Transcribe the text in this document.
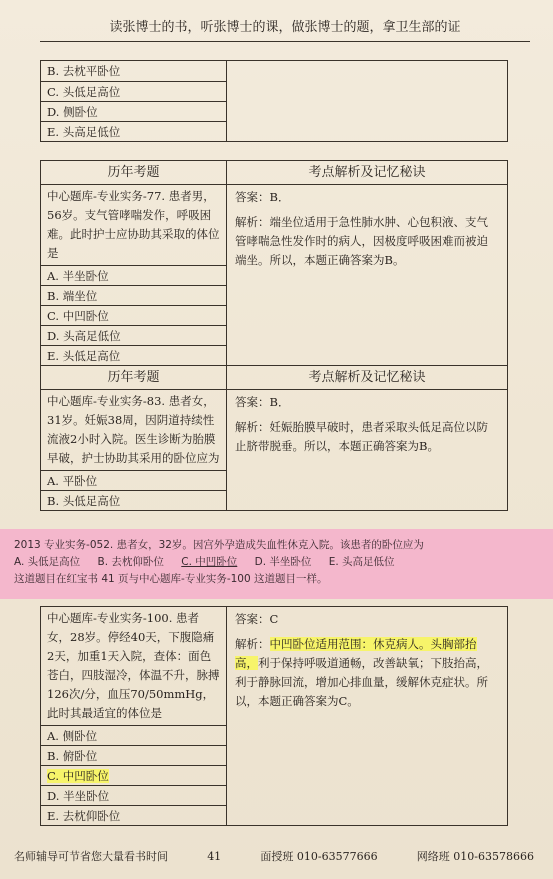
读张博士的书，听张博士的课，做张博士的题，拿卫生部的证
B. 去枕平卧位
C. 头低足高位
D. 侧卧位
E. 头高足低位
历年考题	考点解析及记忆秘诀
中心题库-专业实务-77. 患者男，56岁。支气管哮喘发作，呼吸困难。此时护士应协助其采取的体位是
A. 半坐卧位
B. 端坐位
C. 中凹卧位
D. 头高足低位
E. 头低足高位
答案：B．
解析：端坐位适用于急性肺水肿、心包积液、支气管哮喘急性发作时的病人，因极度呼吸困难而被迫端坐。所以，本题正确答案为B。
历年考题	考点解析及记忆秘诀
中心题库-专业实务-83. 患者女，31岁。妊娠38周，因阴道持续性流液2小时入院。医生诊断为胎膜早破，护士协助其采用的卧位应为
A. 平卧位
B. 头低足高位
答案：B．
解析：妊娠胎膜早破时，患者采取头低足高位以防止脐带脱垂。所以，本题正确答案为B。
2013 专业实务-052. 患者女，32岁。因宫外孕造成失血性休克入院。该患者的卧位应为
A. 头低足高位 B. 去枕仰卧位 C. 中凹卧位 D. 半坐卧位 E. 头高足低位
这道题目在红宝书 41 页与中心题库-专业实务-100 这道题目一样。
中心题库-专业实务-100. 患者女，28岁。停经40天，下腹隐痛2天，加重1天入院，查体：面色苍白，四肢湿冷，体温不升，脉搏126次/分，血压70/50mmHg，此时其最适宜的体位是
A. 侧卧位
B. 俯卧位
C. 中凹卧位
D. 半坐卧位
E. 去枕仰卧位
答案：C
解析：中凹卧位适用范围：休克病人。头胸部抬高，利于保持呼吸道通畅，改善缺氧；下肢抬高，利于静脉回流，增加心排血量，缓解休克症状。所以，本题正确答案为C。
名师辅导可节省您大量看书时间	41	面授班 010-63577666	网络班 010-63578666
